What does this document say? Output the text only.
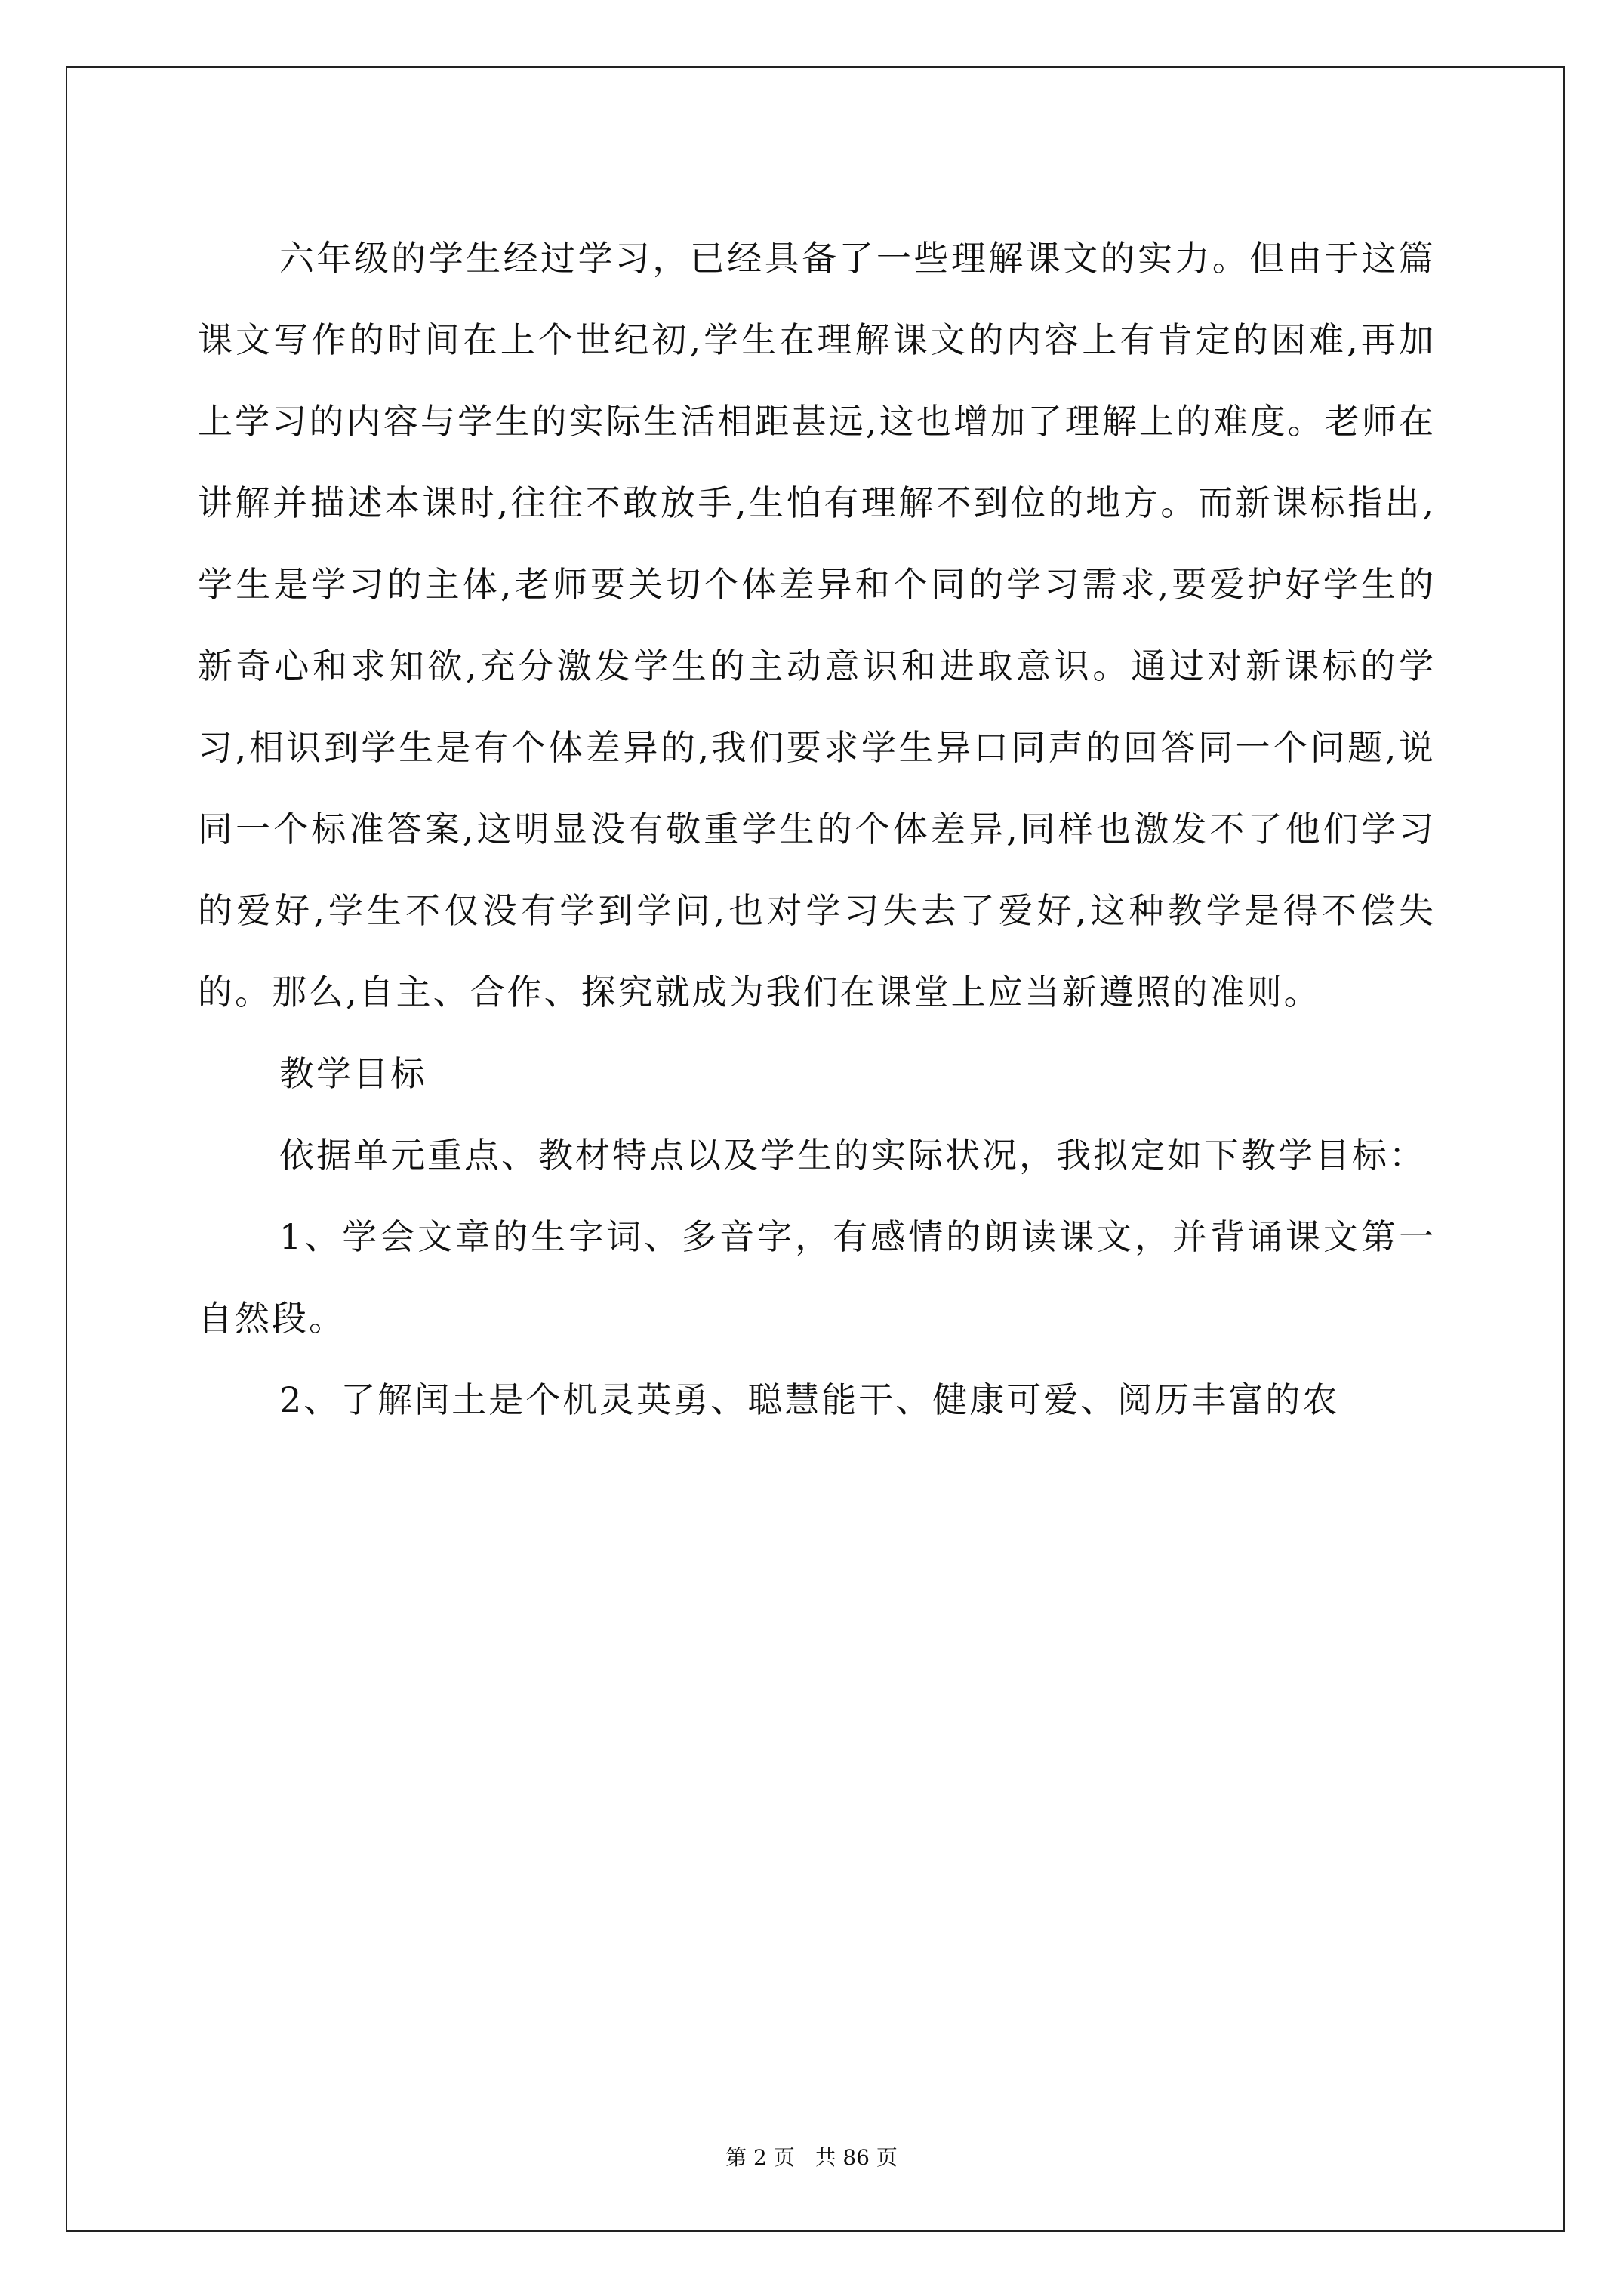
六年级的学生经过学习，已经具备了一些理解课文的实力。但由于这篇课文写作的时间在上个世纪初,学生在理解课文的内容上有肯定的困难,再加上学习的内容与学生的实际生活相距甚远,这也增加了理解上的难度。老师在讲解并描述本课时,往往不敢放手,生怕有理解不到位的地方。而新课标指出,学生是学习的主体,老师要关切个体差异和个同的学习需求,要爱护好学生的新奇心和求知欲,充分激发学生的主动意识和进取意识。通过对新课标的学习,相识到学生是有个体差异的,我们要求学生异口同声的回答同一个问题,说同一个标准答案,这明显没有敬重学生的个体差异,同样也激发不了他们学习的爱好,学生不仅没有学到学问,也对学习失去了爱好,这种教学是得不偿失的。那么,自主、合作、探究就成为我们在课堂上应当新遵照的准则。

教学目标

依据单元重点、教材特点以及学生的实际状况，我拟定如下教学目标：

1、学会文章的生字词、多音字，有感情的朗读课文，并背诵课文第一自然段。

2、了解闰土是个机灵英勇、聪慧能干、健康可爱、阅历丰富的农

第 2 页   共 86 页
